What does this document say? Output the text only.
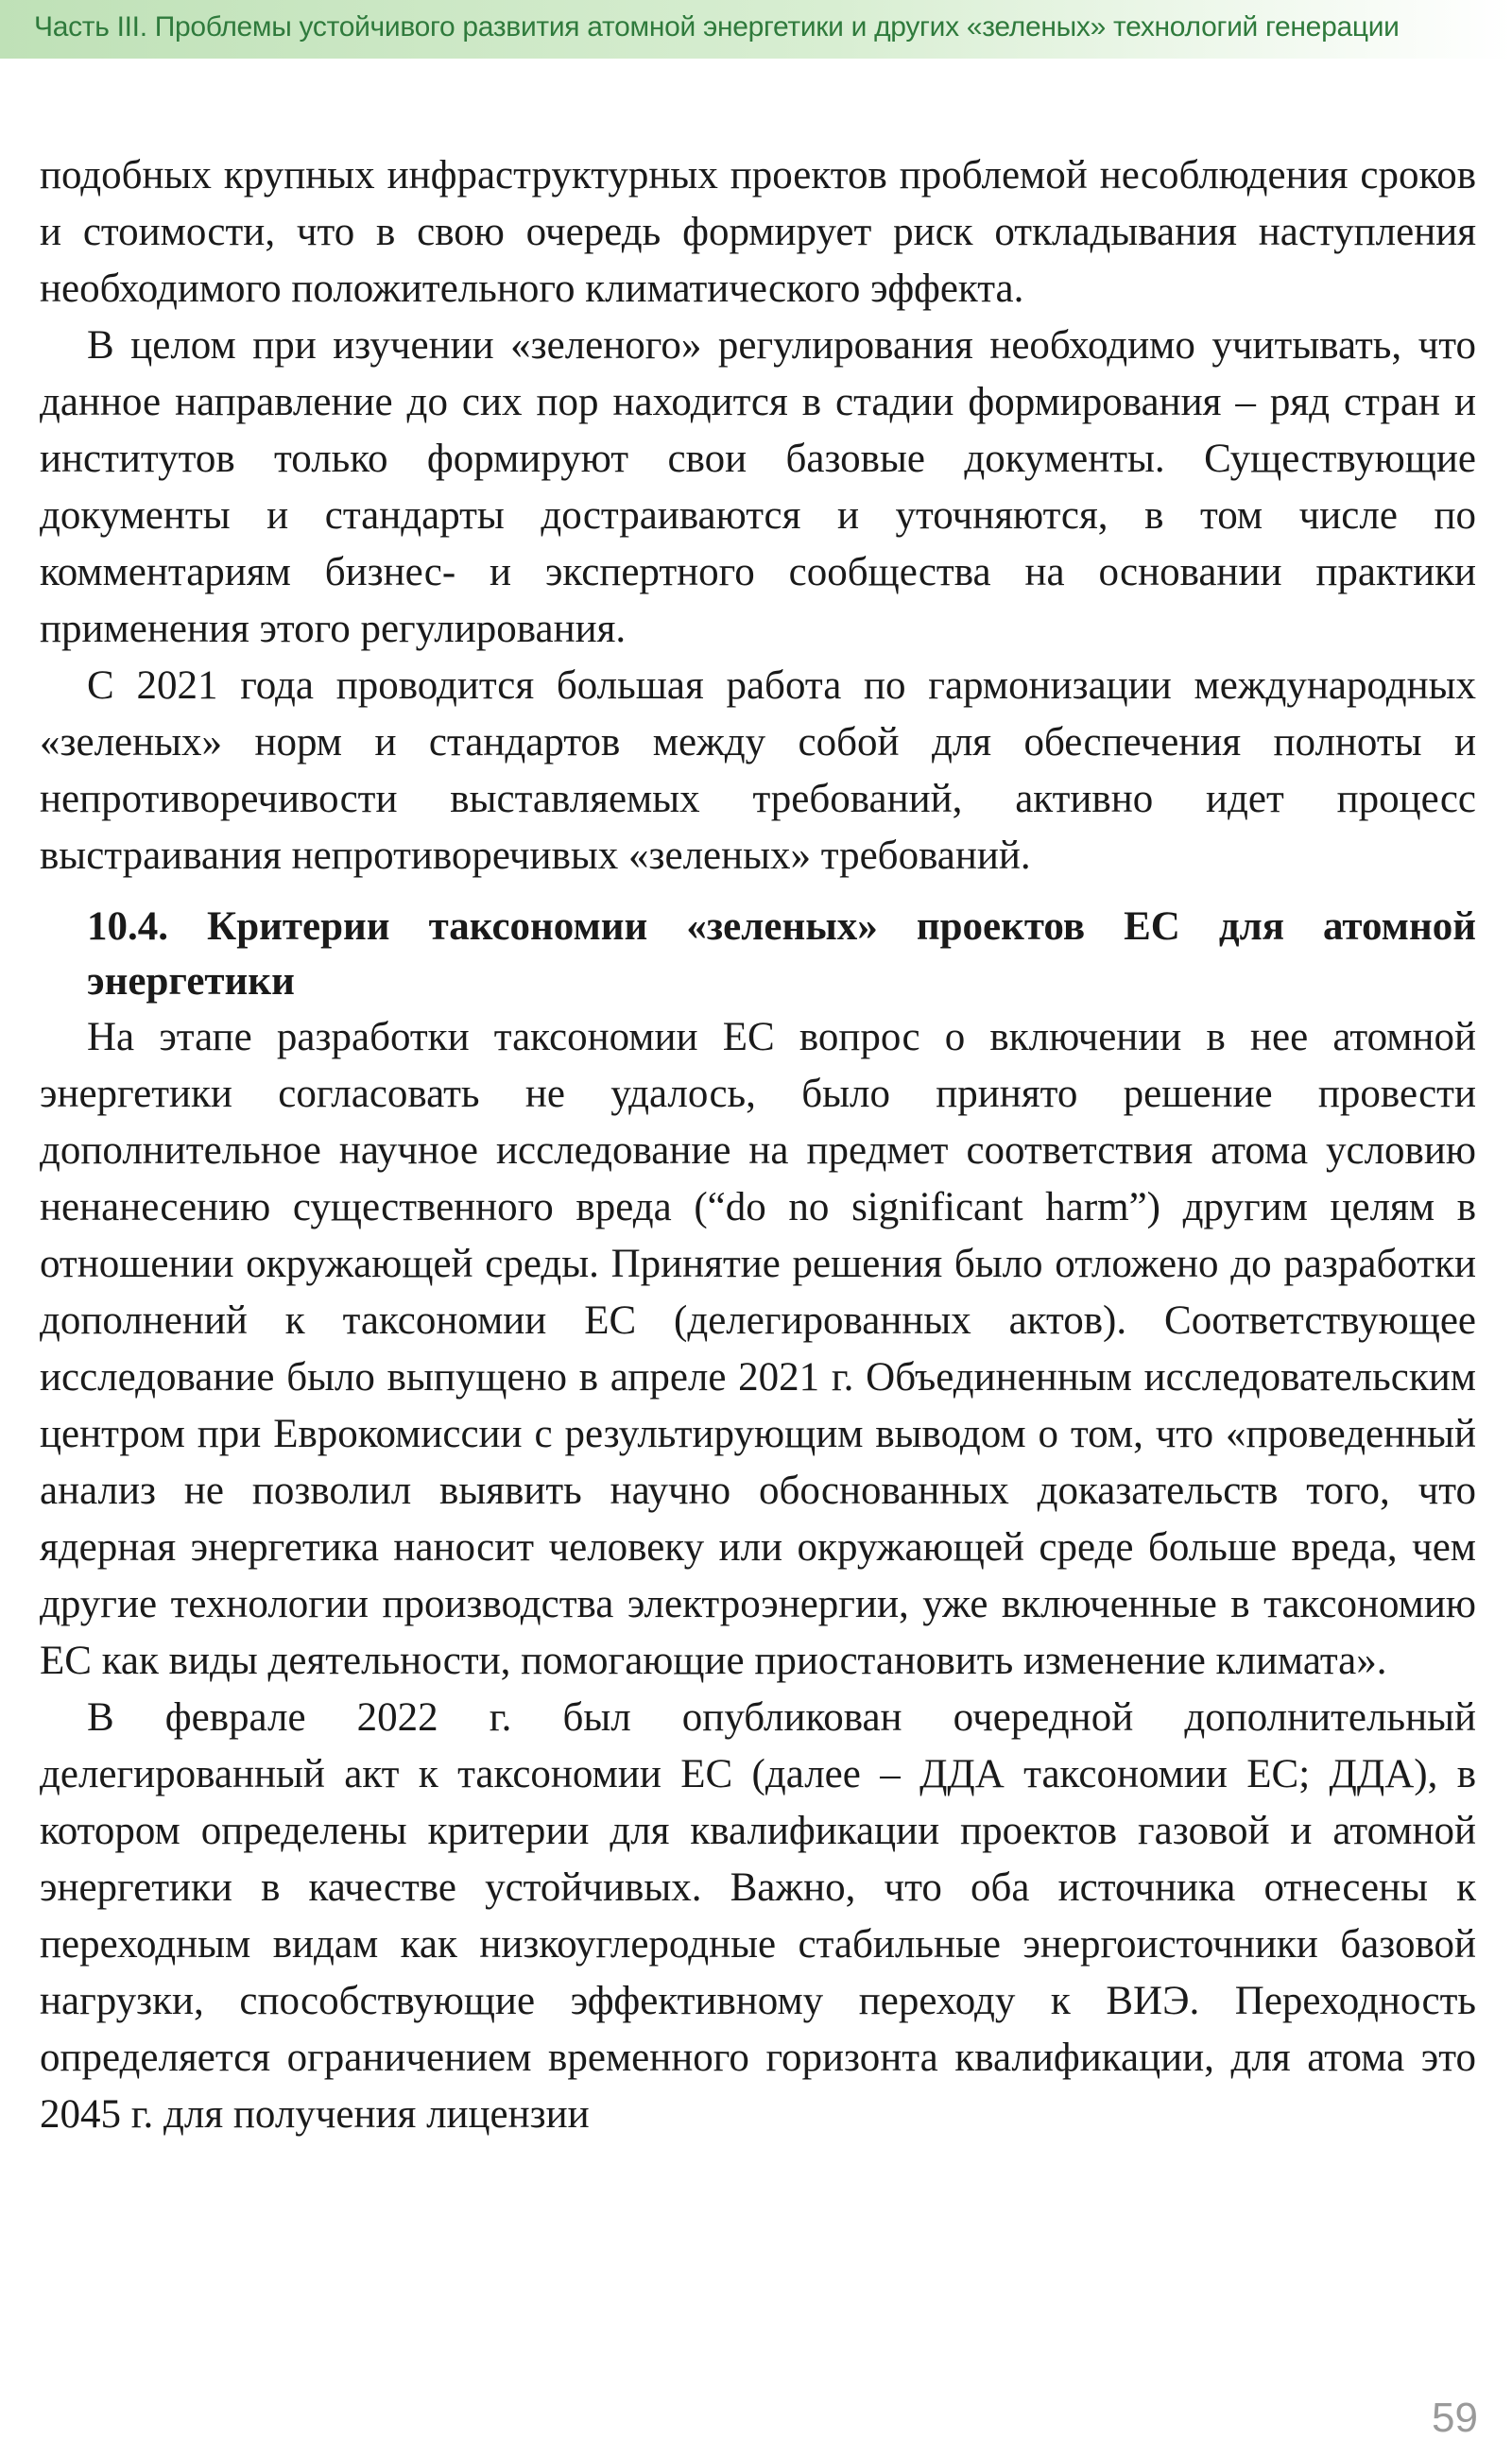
Часть III. Проблемы устойчивого развития атомной энергетики и других «зеленых» технологий генерации

подобных крупных инфраструктурных проектов проблемой несоблюдения сроков и стоимости, что в свою очередь формирует риск откладывания наступления необходимого положительного климатического эффекта.

В целом при изучении «зеленого» регулирования необходимо учитывать, что данное направление до сих пор находится в стадии формирования – ряд стран и институтов только формируют свои базовые документы. Существующие документы и стандарты достраиваются и уточняются, в том числе по комментариям бизнес- и экспертного сообщества на основании практики применения этого регулирования.

С 2021 года проводится большая работа по гармонизации международных «зеленых» норм и стандартов между собой для обеспечения полноты и непротиворечивости выставляемых требований, активно идет процесс выстраивания непротиворечивых «зеленых» требований.

10.4. Критерии таксономии «зеленых» проектов ЕС для атомной энергетики

На этапе разработки таксономии ЕС вопрос о включении в нее атомной энергетики согласовать не удалось, было принято решение провести дополнительное научное исследование на предмет соответствия атома условию ненанесению существенного вреда (“do no significant harm”) другим целям в отношении окружающей среды. Принятие решения было отложено до разработки дополнений к таксономии ЕС (делегированных актов). Соответствующее исследование было выпущено в апреле 2021 г. Объединенным исследовательским центром при Еврокомиссии с результирующим выводом о том, что «проведенный анализ не позволил выявить научно обоснованных доказательств того, что ядерная энергетика наносит человеку или окружающей среде больше вреда, чем другие технологии производства электроэнергии, уже включенные в таксономию ЕС как виды деятельности, помогающие приостановить изменение климата».

В феврале 2022 г. был опубликован очередной дополнительный делегированный акт к таксономии ЕС (далее – ДДА таксономии ЕС; ДДА), в котором определены критерии для квалификации проектов газовой и атомной энергетики в качестве устойчивых. Важно, что оба источника отнесены к переходным видам как низкоуглеродные стабильные энергоисточники базовой нагрузки, способствующие эффективному переходу к ВИЭ. Переходность определяется ограничением временного горизонта квалификации, для атома это 2045 г. для получения лицензии

59
